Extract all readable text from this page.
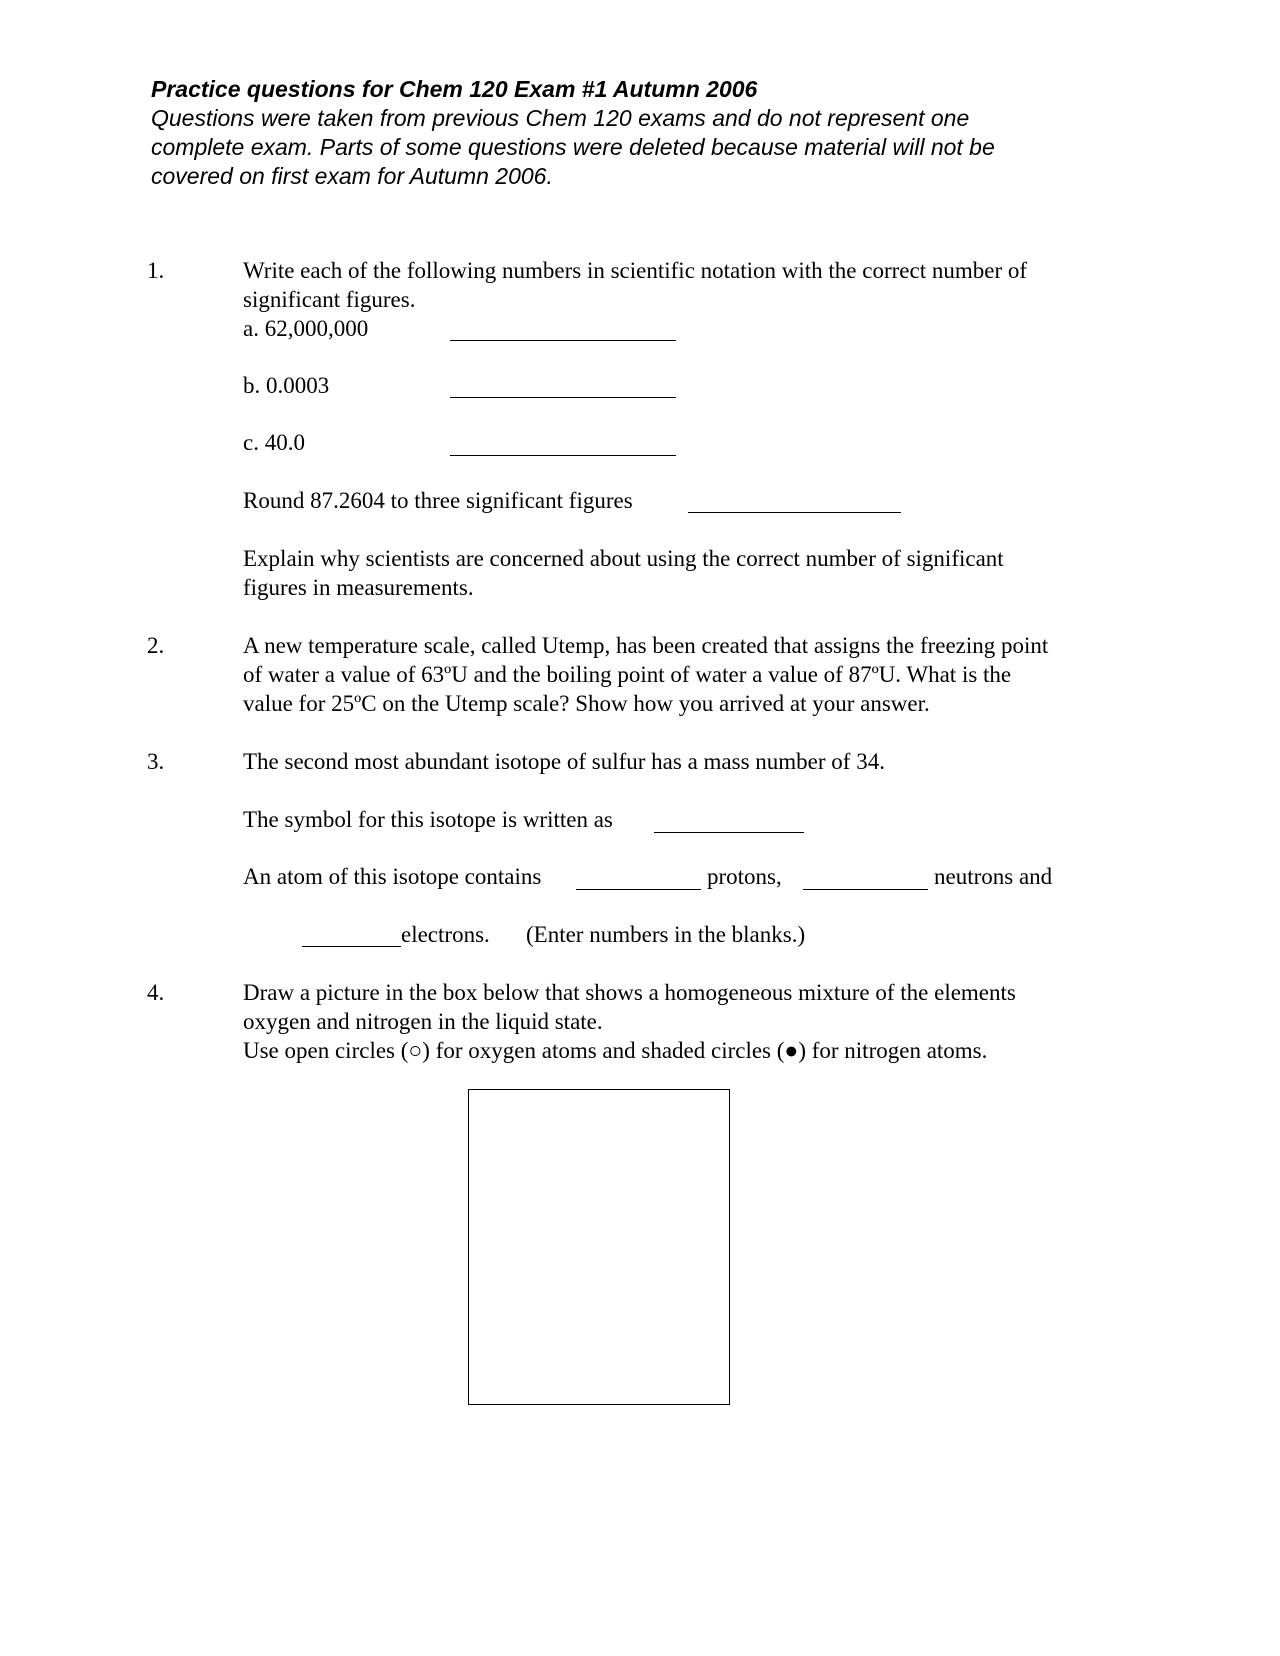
Practice questions for Chem 120 Exam #1 Autumn 2006
Questions were taken from previous Chem 120 exams and do not represent one
complete exam. Parts of some questions were deleted because material will not be
covered on first exam for Autumn 2006.
1.	Write each of the following numbers in scientific notation with the correct number of
significant figures.
a. 62,000,000
b. 0.0003
c. 40.0
Round 87.2604 to three significant figures
Explain why scientists are concerned about using the correct number of significant
figures in measurements.
2.	A new temperature scale, called Utemp, has been created that assigns the freezing point
of water a value of 63ºU and the boiling point of water a value of 87ºU. What is the
value for 25ºC on the Utemp scale? Show how you arrived at your answer.
3.	The second most abundant isotope of sulfur has a mass number of 34.
The symbol for this isotope is written as
An atom of this isotope contains	protons,	neutrons and
electrons. (Enter numbers in the blanks.)
4.	Draw a picture in the box below that shows a homogeneous mixture of the elements
oxygen and nitrogen in the liquid state.
Use open circles (○) for oxygen atoms and shaded circles (●) for nitrogen atoms.
